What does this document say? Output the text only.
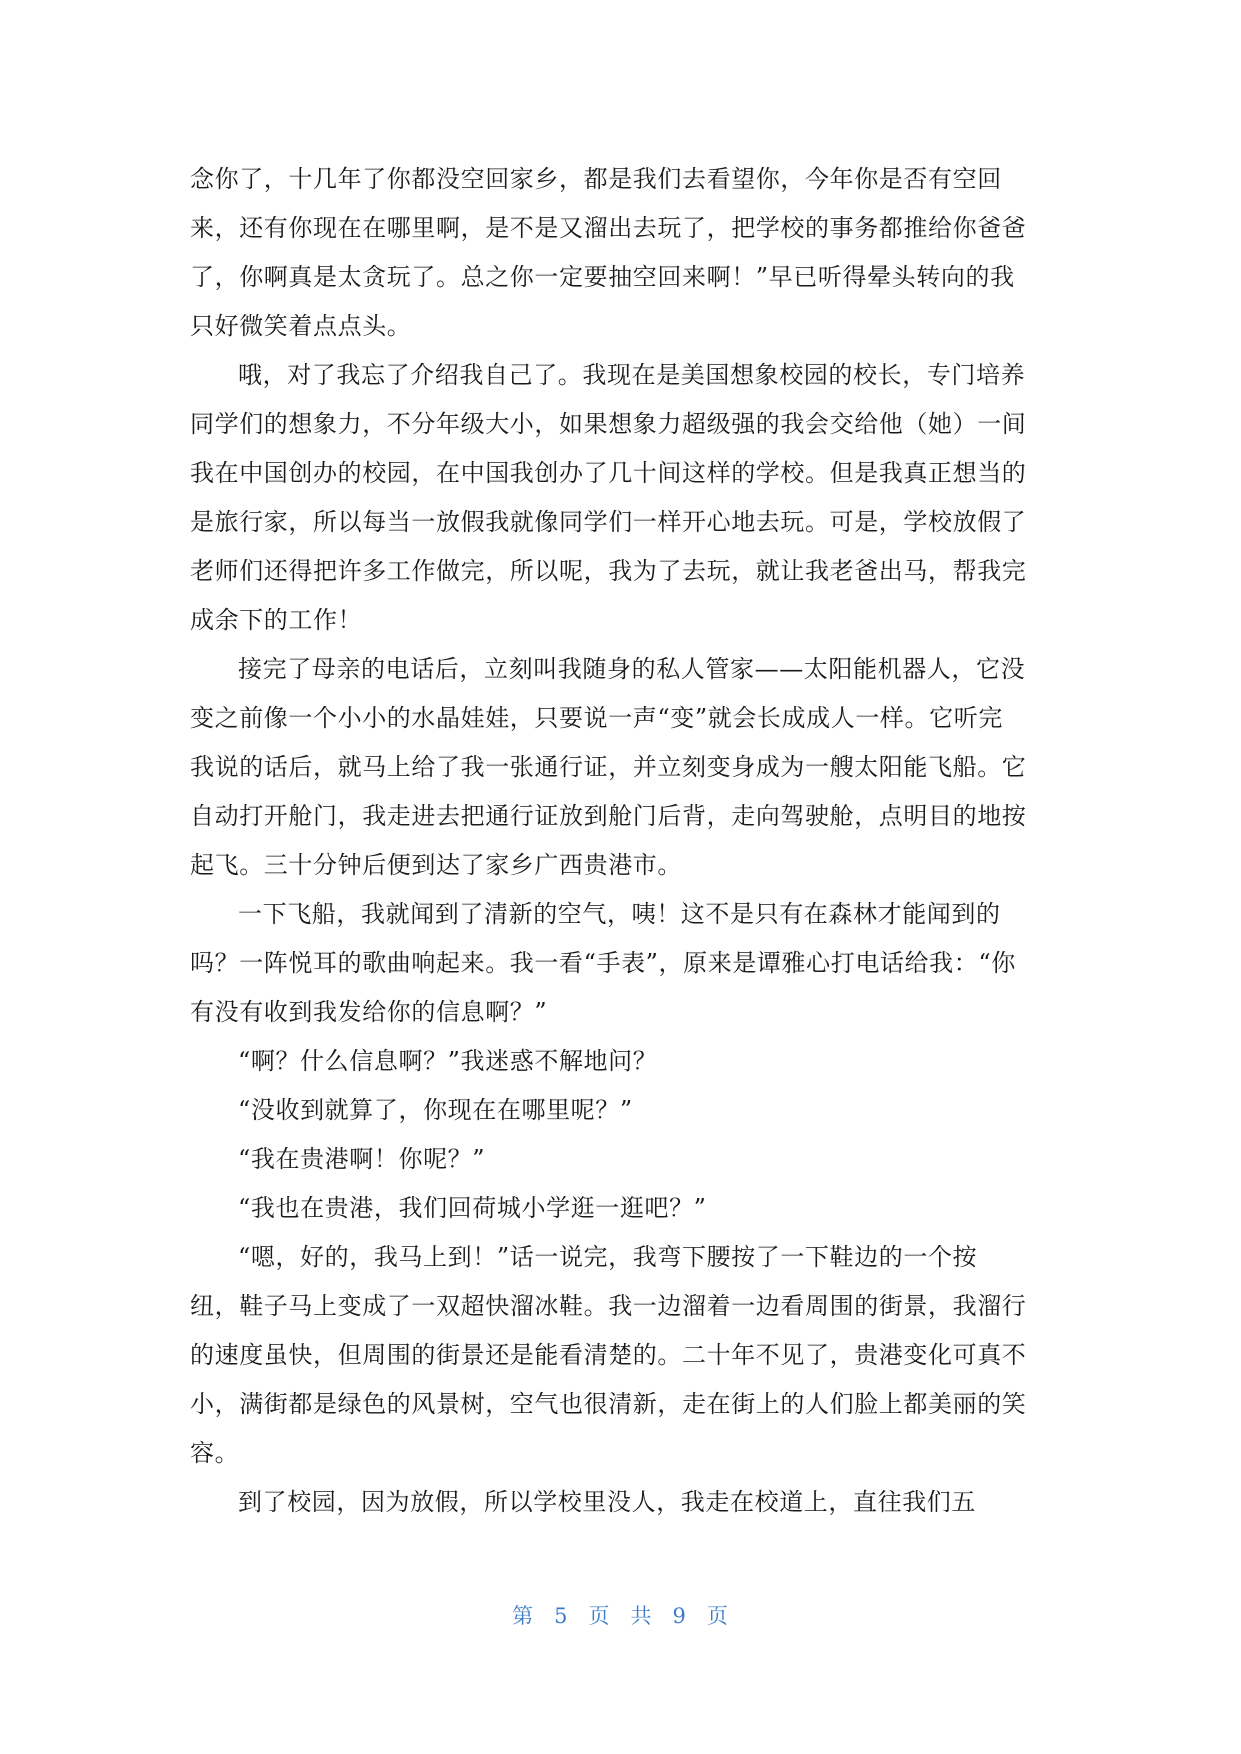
念你了，十几年了你都没空回家乡，都是我们去看望你，今年你是否有空回
来，还有你现在在哪里啊，是不是又溜出去玩了，把学校的事务都推给你爸爸
了，你啊真是太贪玩了。总之你一定要抽空回来啊！”早已听得晕头转向的我
只好微笑着点点头。
哦，对了我忘了介绍我自己了。我现在是美国想象校园的校长，专门培养
同学们的想象力，不分年级大小，如果想象力超级强的我会交给他（她）一间
我在中国创办的校园，在中国我创办了几十间这样的学校。但是我真正想当的
是旅行家，所以每当一放假我就像同学们一样开心地去玩。可是，学校放假了
老师们还得把许多工作做完，所以呢，我为了去玩，就让我老爸出马，帮我完
成余下的工作！
接完了母亲的电话后，立刻叫我随身的私人管家——太阳能机器人，它没
变之前像一个小小的水晶娃娃，只要说一声“变”就会长成成人一样。它听完
我说的话后，就马上给了我一张通行证，并立刻变身成为一艘太阳能飞船。它
自动打开舱门，我走进去把通行证放到舱门后背，走向驾驶舱，点明目的地按
起飞。三十分钟后便到达了家乡广西贵港市。
一下飞船，我就闻到了清新的空气，咦！这不是只有在森林才能闻到的
吗？一阵悦耳的歌曲响起来。我一看“手表”，原来是谭雅心打电话给我：“你
有没有收到我发给你的信息啊？”
“啊？什么信息啊？”我迷惑不解地问？
“没收到就算了，你现在在哪里呢？”
“我在贵港啊！你呢？”
“我也在贵港，我们回荷城小学逛一逛吧？”
“嗯，好的，我马上到！”话一说完，我弯下腰按了一下鞋边的一个按
纽，鞋子马上变成了一双超快溜冰鞋。我一边溜着一边看周围的街景，我溜行
的速度虽快，但周围的街景还是能看清楚的。二十年不见了，贵港变化可真不
小，满街都是绿色的风景树，空气也很清新，走在街上的人们脸上都美丽的笑
容。
到了校园，因为放假，所以学校里没人，我走在校道上，直往我们五
第 5 页 共 9 页
